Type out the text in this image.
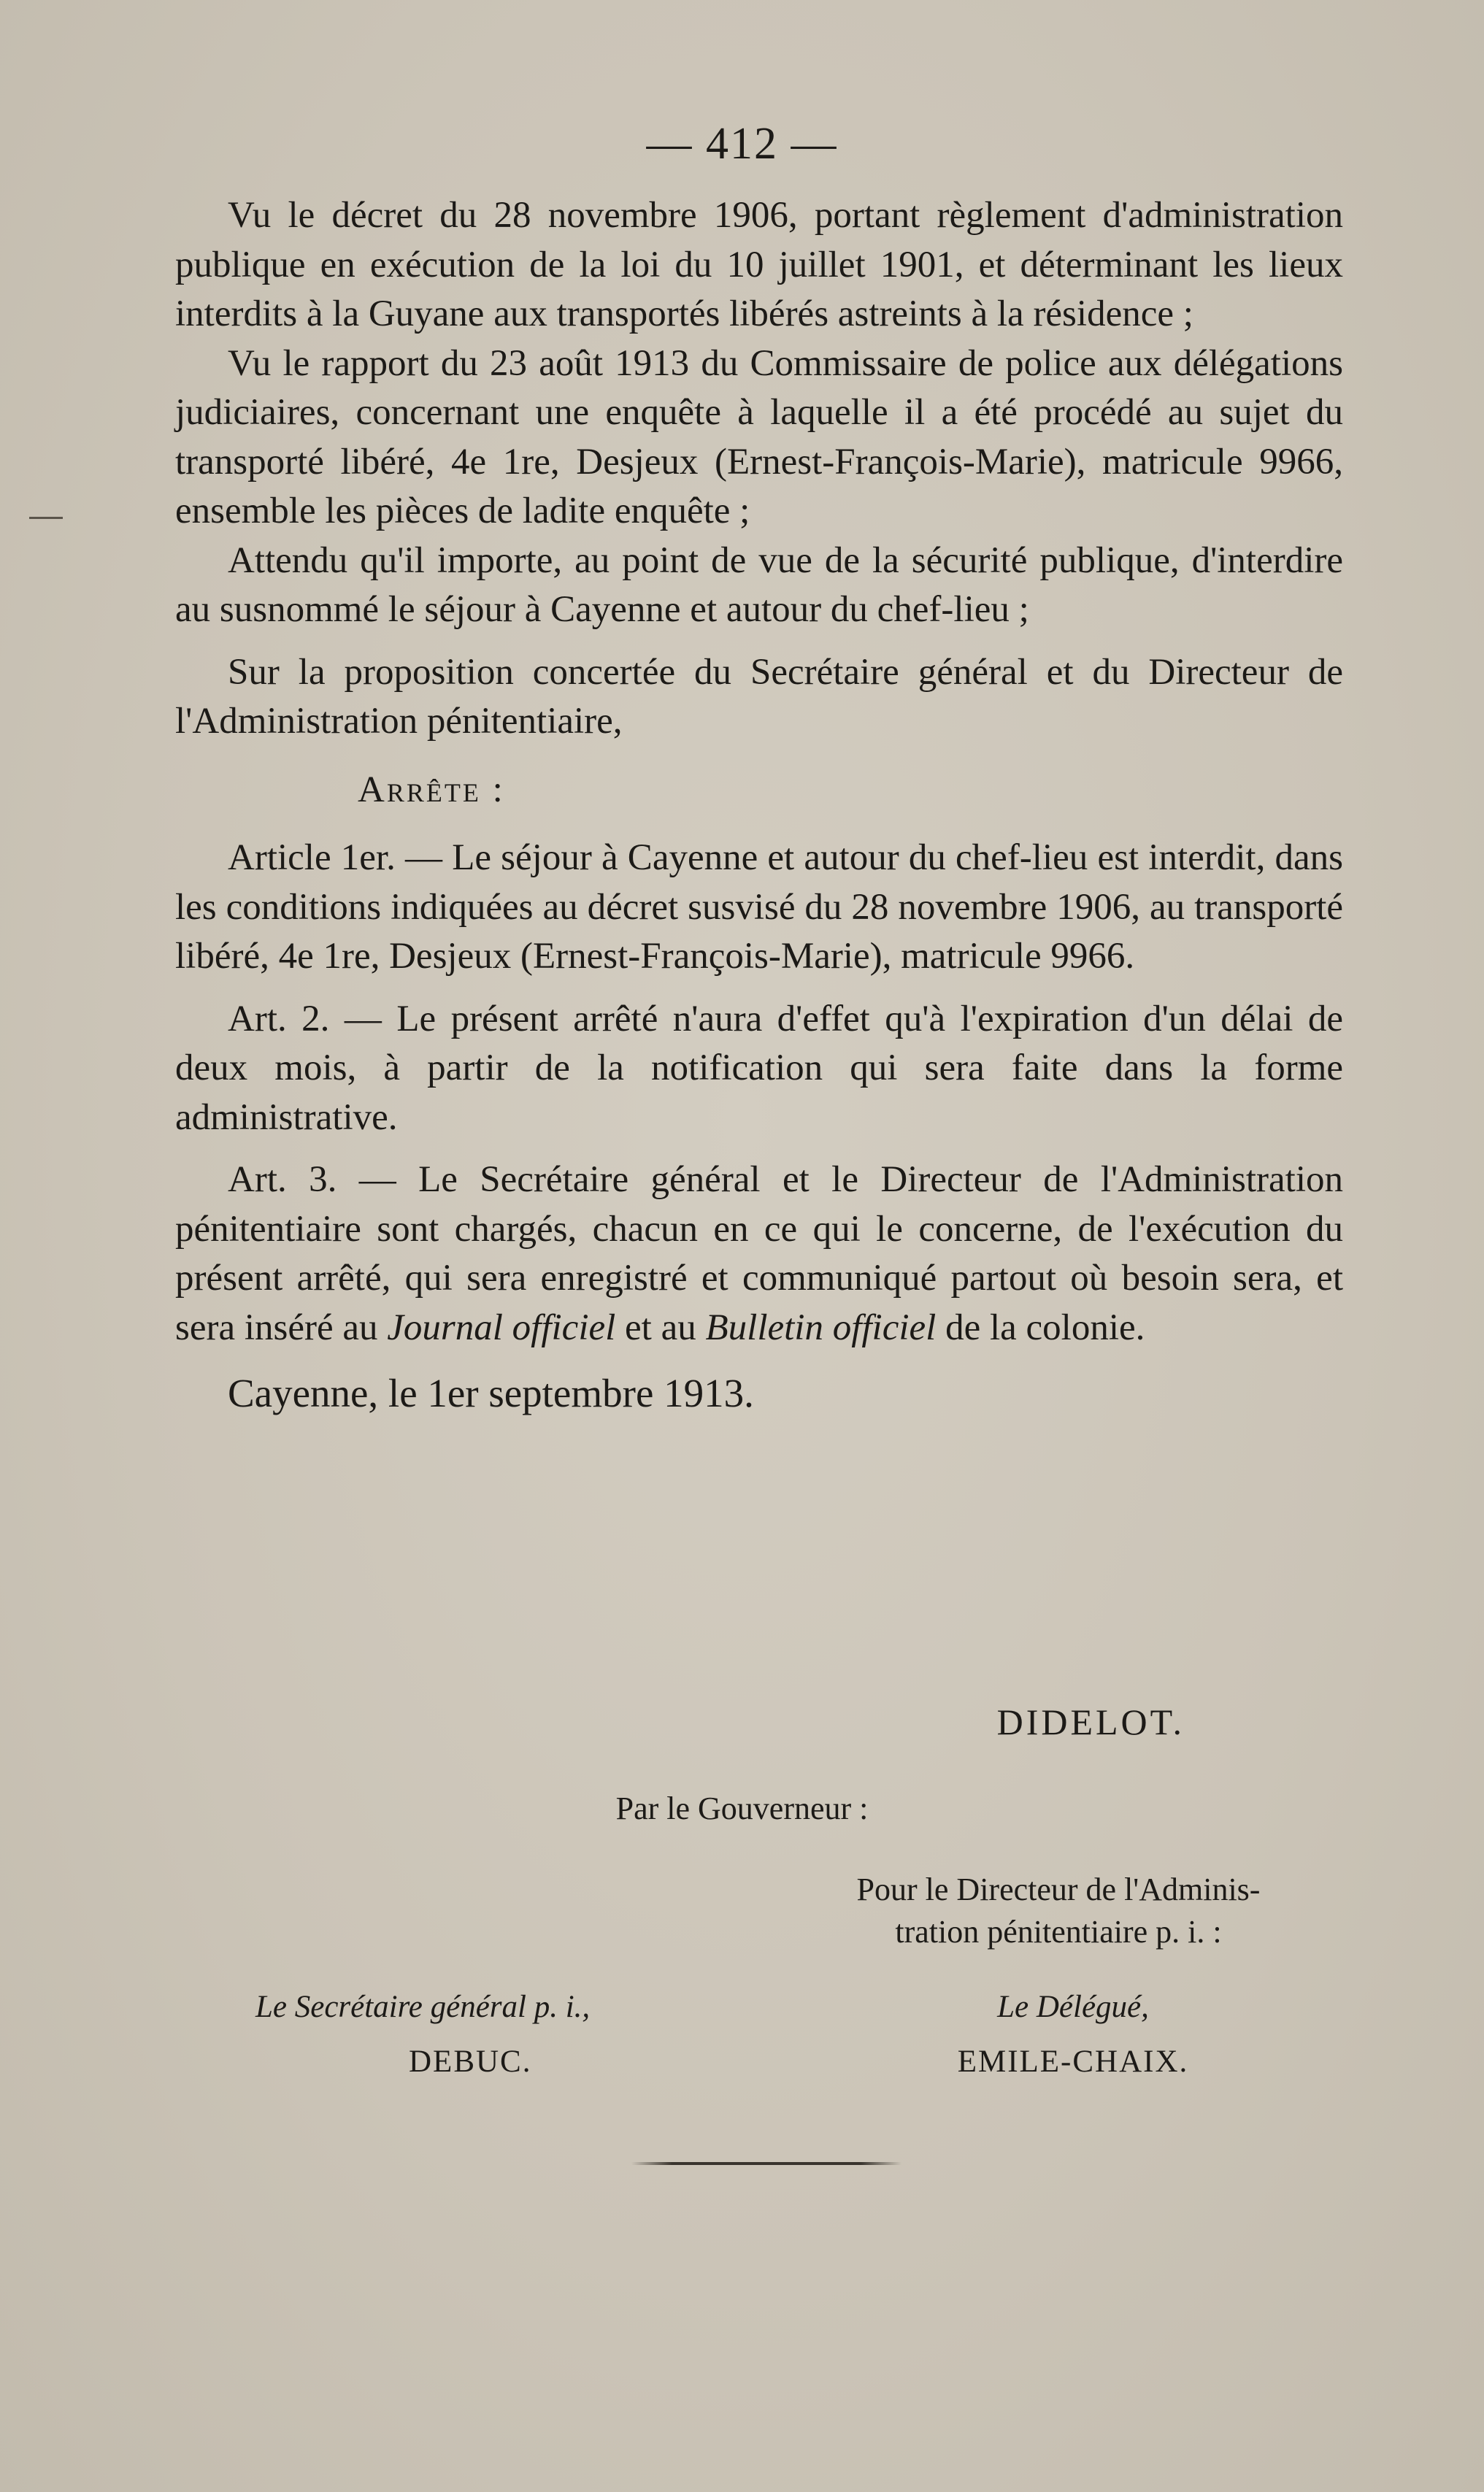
— 412 —

Vu le décret du 28 novembre 1906, portant règlement d'administration publique en exécution de la loi du 10 juillet 1901, et déterminant les lieux interdits à la Guyane aux transportés libérés astreints à la résidence ;

Vu le rapport du 23 août 1913 du Commissaire de police aux délégations judiciaires, concernant une enquête à laquelle il a été procédé au sujet du transporté libéré, 4e 1re, Desjeux (Ernest-François-Marie), matricule 9966, ensemble les pièces de ladite enquête ;

Attendu qu'il importe, au point de vue de la sécurité publique, d'interdire au susnommé le séjour à Cayenne et autour du chef-lieu ;

Sur la proposition concertée du Secrétaire général et du Directeur de l'Administration pénitentiaire,

Arrête :

Article 1er. — Le séjour à Cayenne et autour du chef-lieu est interdit, dans les conditions indiquées au décret susvisé du 28 novembre 1906, au transporté libéré, 4e 1re, Desjeux (Ernest-François-Marie), matricule 9966.

Art. 2. — Le présent arrêté n'aura d'effet qu'à l'expiration d'un délai de deux mois, à partir de la notification qui sera faite dans la forme administrative.

Art. 3. — Le Secrétaire général et le Directeur de l'Administration pénitentiaire sont chargés, chacun en ce qui le concerne, de l'exécution du présent arrêté, qui sera enregistré et communiqué partout où besoin sera, et sera inséré au Journal officiel et au Bulletin officiel de la colonie.

Cayenne, le 1er septembre 1913.

DIDELOT.
Par le Gouverneur :
Pour le Directeur de l'Adminis-
tration pénitentiaire p. i. :
Le Secrétaire général p. i.,
DEBUC.
Le Délégué,
EMILE-CHAIX.
